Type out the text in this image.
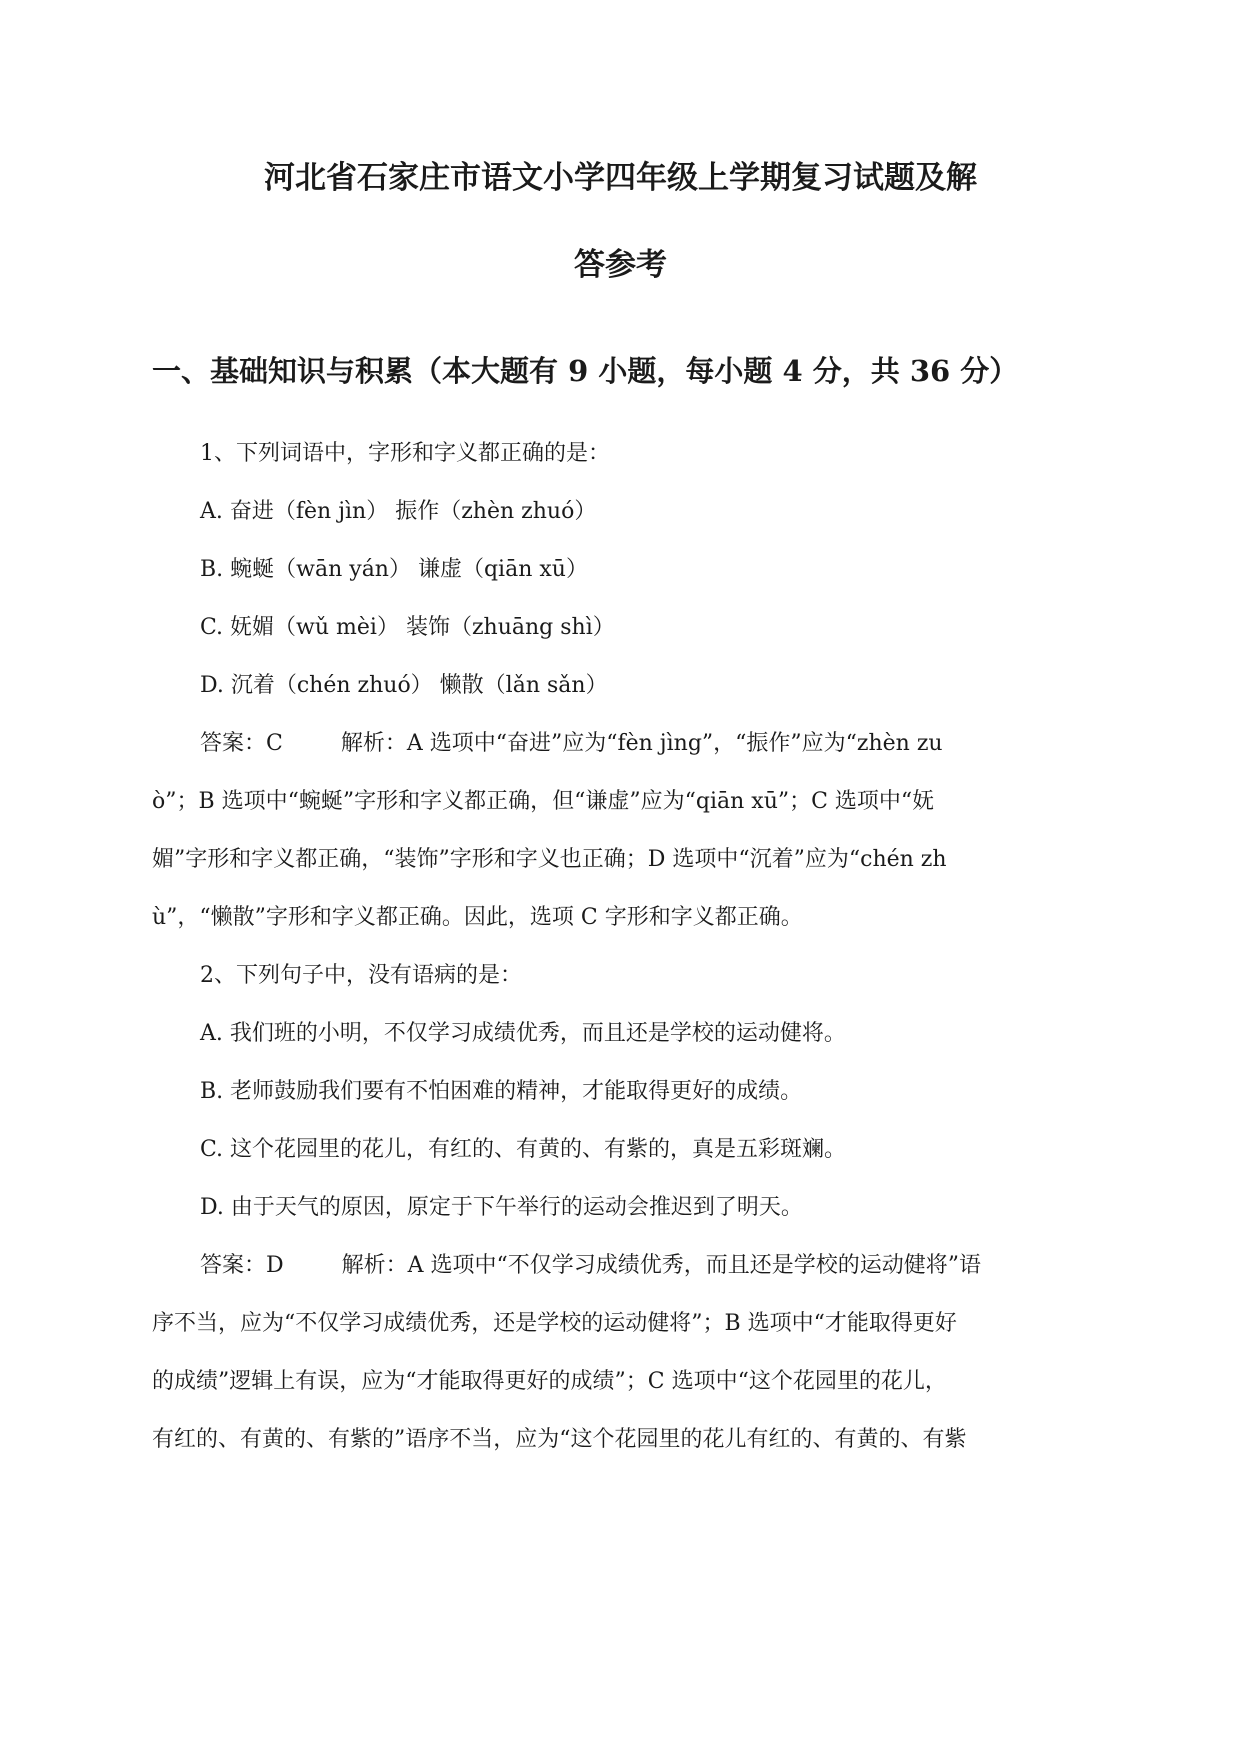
河北省石家庄市语文小学四年级上学期复习试题及解
答参考
一、基础知识与积累（本大题有 9 小题，每小题 4 分，共 36 分）
1、下列词语中，字形和字义都正确的是：
A. 奋进（fèn jìn） 振作（zhèn zhuó）
B. 蜿蜒（wān yán） 谦虚（qiān xū）
C. 妩媚（wǔ mèi） 装饰（zhuāng shì）
D. 沉着（chén zhuó） 懒散（lǎn sǎn）
答案：C	解析：A 选项中“奋进”应为“fèn jìng”，“振作”应为“zhèn zu
ò”；B 选项中“蜿蜒”字形和字义都正确，但“谦虚”应为“qiān xū”；C 选项中“妩
媚”字形和字义都正确，“装饰”字形和字义也正确；D 选项中“沉着”应为“chén zh
ù”，“懒散”字形和字义都正确。因此，选项 C 字形和字义都正确。
2、下列句子中，没有语病的是：
A. 我们班的小明，不仅学习成绩优秀，而且还是学校的运动健将。
B. 老师鼓励我们要有不怕困难的精神，才能取得更好的成绩。
C. 这个花园里的花儿，有红的、有黄的、有紫的，真是五彩斑斓。
D. 由于天气的原因，原定于下午举行的运动会推迟到了明天。
答案：D	解析：A 选项中“不仅学习成绩优秀，而且还是学校的运动健将”语
序不当，应为“不仅学习成绩优秀，还是学校的运动健将”；B 选项中“才能取得更好
的成绩”逻辑上有误，应为“才能取得更好的成绩”；C 选项中“这个花园里的花儿，
有红的、有黄的、有紫的”语序不当，应为“这个花园里的花儿有红的、有黄的、有紫
